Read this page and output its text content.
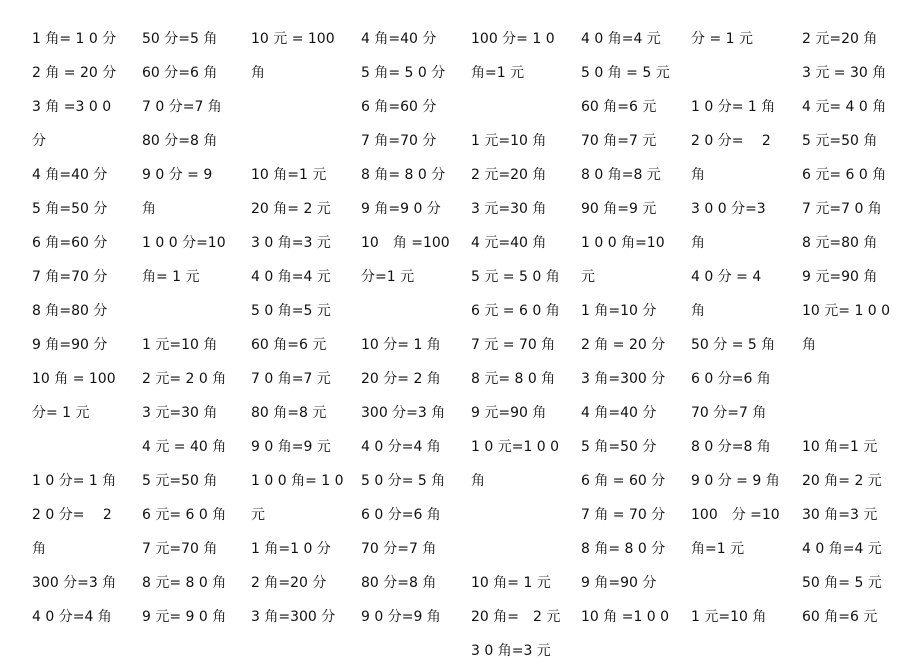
1 角= 1 0 分
2 角 = 20 分
3 角 =3 0 0
分
4 角=40 分
5 角=50 分
6 角=60 分
7 角=70 分
8 角=80 分
9 角=90 分
10 角 = 100
分= 1 元
1 0 分= 1 角
2 0 分=　 2
角
300 分=3 角
4 0 分=4 角
50 分=5 角
60 分=6 角
7 0 分=7 角
80 分=8 角
9 0 分 = 9
角
1 0 0 分=10
角= 1 元
1 元=10 角
2 元= 2 0 角
3 元=30 角
4 元 = 40 角
5 元=50 角
6 元= 6 0 角
7 元=70 角
8 元= 8 0 角
9 元= 9 0 角
10 元 = 100
角
10 角=1 元
20 角= 2 元
3 0 角=3 元
4 0 角=4 元
5 0 角=5 元
60 角=6 元
7 0 角=7 元
80 角=8 元
9 0 角=9 元
1 0 0 角= 1 0
元
1 角=1 0 分
2 角=20 分
3 角=300 分
4 角=40 分
5 角= 5 0 分
6 角=60 分
7 角=70 分
8 角= 8 0 分
9 角=9 0 分
10　角 =100
分=1 元
10 分= 1 角
20 分= 2 角
300 分=3 角
4 0 分=4 角
5 0 分= 5 角
6 0 分=6 角
70 分=7 角
80 分=8 角
9 0 分=9 角
100 分= 1 0
角=1 元
1 元=10 角
2 元=20 角
3 元=30 角
4 元=40 角
5 元 = 5 0 角
6 元 = 6 0 角
7 元 = 70 角
8 元= 8 0 角
9 元=90 角
1 0 元=1 0 0
角
10 角= 1 元
20 角=　2 元
3 0 角=3 元
4 0 角=4 元
5 0 角 = 5 元
60 角=6 元
70 角=7 元
8 0 角=8 元
90 角=9 元
1 0 0 角=10
元
1 角=10 分
2 角 = 20 分
3 角=300 分
4 角=40 分
5 角=50 分
6 角 = 60 分
7 角 = 70 分
8 角= 8 0 分
9 角=90 分
10 角 =1 0 0
分 = 1 元
1 0 分= 1 角
2 0 分=　 2
角
3 0 0 分=3
角
4 0 分 = 4
角
50 分 = 5 角
6 0 分=6 角
70 分=7 角
8 0 分=8 角
9 0 分 = 9 角
100　分 =10
角=1 元
1 元=10 角
2 元=20 角
3 元 = 30 角
4 元= 4 0 角
5 元=50 角
6 元= 6 0 角
7 元=7 0 角
8 元=80 角
9 元=90 角
10 元= 1 0 0
角
10 角=1 元
20 角= 2 元
30 角=3 元
4 0 角=4 元
50 角= 5 元
60 角=6 元
